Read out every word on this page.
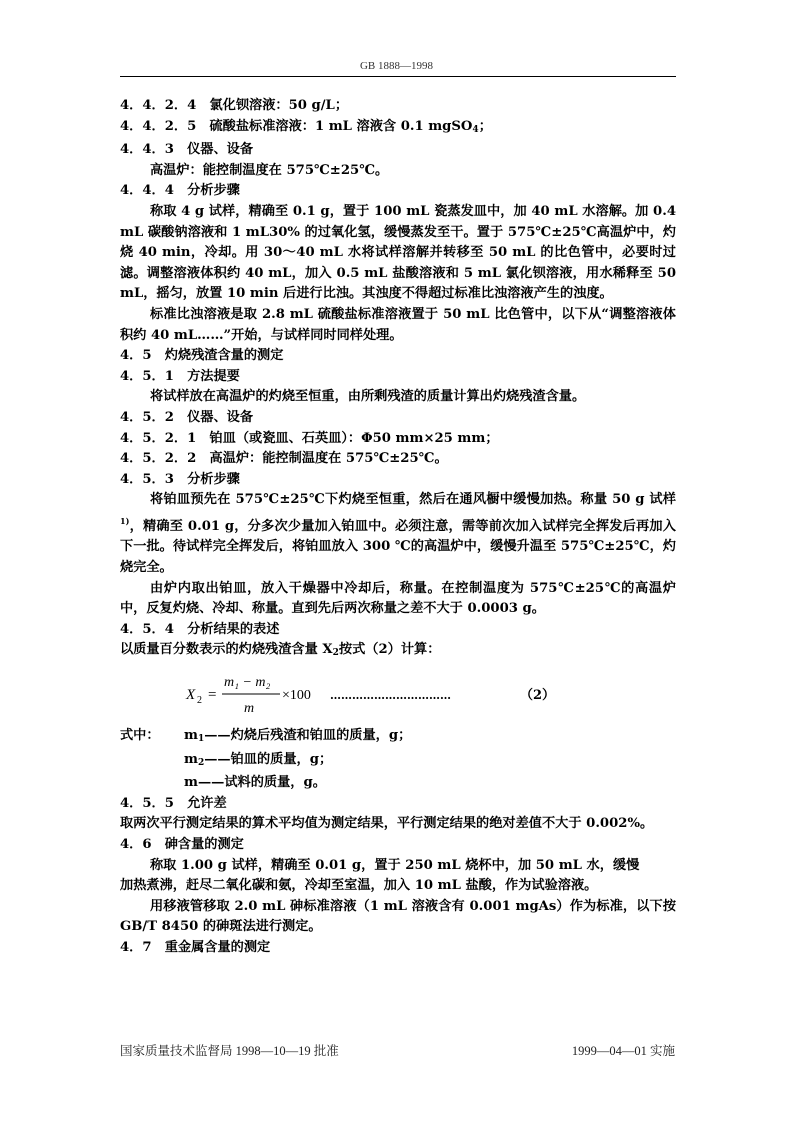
GB 1888—1998

4．4．2．4　氯化钡溶液：50 g/L；

4．4．2．5　硫酸盐标准溶液：1 mL 溶液含 0.1 mgSO$_4$；

4．4．3　仪器、设备

高温炉：能控制温度在 575℃±25℃。

4．4．4　分析步骤

称取 4 g 试样，精确至 0.1 g，置于 100 mL 瓷蒸发皿中，加 40 mL 水溶解。加 0.4 mL 碳酸钠溶液和 1 mL30% 的过氧化氢，缓慢蒸发至干。置于 575℃±25℃高温炉中，灼烧 40 min，冷却。用 30～40 mL 水将试样溶解并转移至 50 mL 的比色管中，必要时过滤。调整溶液体积约 40 mL，加入 0.5 mL 盐酸溶液和 5 mL 氯化钡溶液，用水稀释至 50 mL，摇匀，放置 10 min 后进行比浊。其浊度不得超过标准比浊溶液产生的浊度。

标准比浊溶液是取 2.8 mL 硫酸盐标准溶液置于 50 mL 比色管中，以下从“调整溶液体积约 40 mL……”开始，与试样同时同样处理。

4．5　灼烧残渣含量的测定

4．5．1　方法提要

将试样放在高温炉的灼烧至恒重，由所剩残渣的质量计算出灼烧残渣含量。

4．5．2　仪器、设备

4．5．2．1　铂皿（或瓷皿、石英皿）：Φ50 mm×25 mm；

4．5．2．2　高温炉：能控制温度在 575℃±25℃。

4．5．3　分析步骤

将铂皿预先在 575℃±25℃下灼烧至恒重，然后在通风橱中缓慢加热。称量 50 g 试样$^{1)}$，精确至 0.01 g，分多次少量加入铂皿中。必须注意，需等前次加入试样完全挥发后再加入下一批。待试样完全挥发后，将铂皿放入 300 ℃的高温炉中，缓慢升温至 575℃±25℃，灼烧完全。

由炉内取出铂皿，放入干燥器中冷却后，称量。在控制温度为 575℃±25℃的高温炉中，反复灼烧、冷却、称量。直到先后两次称量之差不大于 0.0003 g。

4．5．4　分析结果的表述

以质量百分数表示的灼烧残渣含量 $X_2$按式（2）计算：

X 2 =
m₁ − m₂
m
×100 ……………………………	（2）
式中：	$m_1——$灼烧后残渣和铂皿的质量，g；
$m_2——$铂皿的质量，g；
m——试料的质量，g。

4．5．5　允许差

取两次平行测定结果的算术平均值为测定结果，平行测定结果的绝对差值不大于 0.002%。

4．6　砷含量的测定

称取 1.00 g 试样，精确至 0.01 g，置于 250 mL 烧杯中，加 50 mL 水，缓慢

加热煮沸，赶尽二氧化碳和氨，冷却至室温，加入 10 mL 盐酸，作为试验溶液。

用移液管移取 2.0 mL 砷标准溶液（1 mL 溶液含有 0.001 mgAs）作为标准，以下按 GB/T 8450 的砷斑法进行测定。

4．7　重金属含量的测定

国家质量技术监督局 1998—10—19 批准	1999—04—01 实施
